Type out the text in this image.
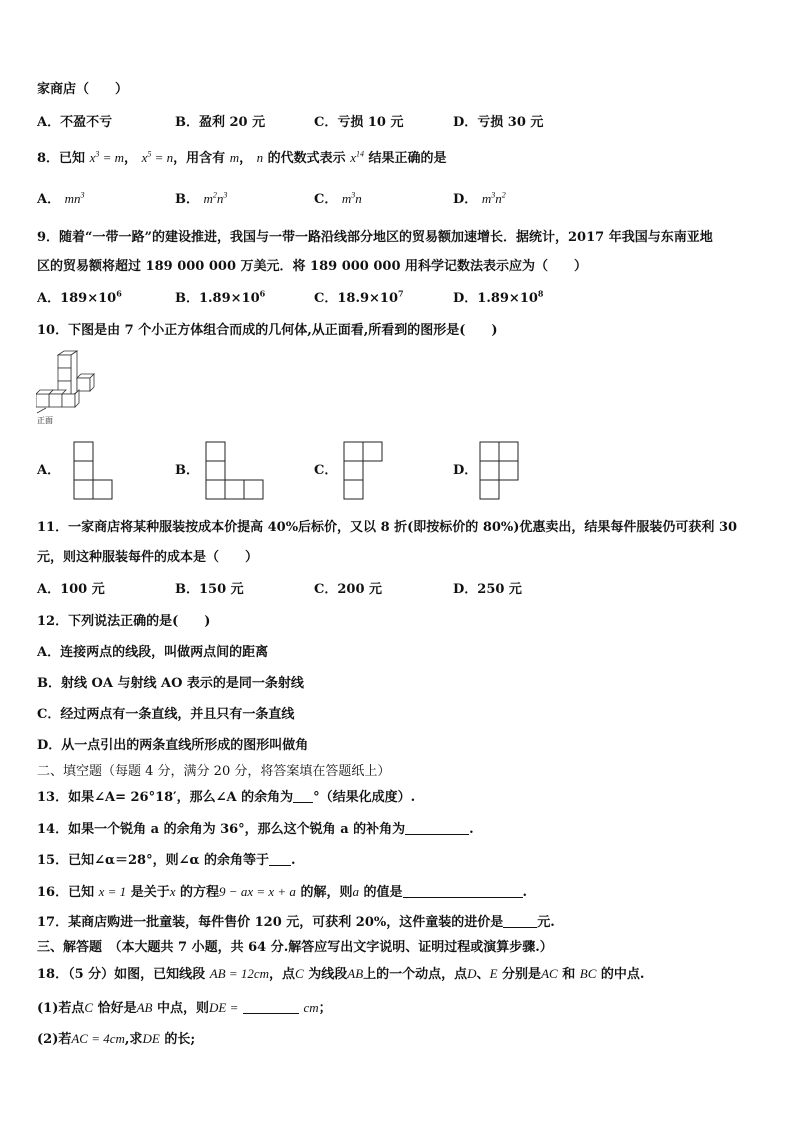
家商店（　　）
A．不盈不亏	B．盈利 20 元	C．亏损 10 元	D．亏损 30 元
8．已知 $x^3 = m$， $x^5 = n$，用含有 m， n 的代数式表示 $x^{14}$ 结果正确的是
A． $mn^3$	B． $m^2n^3$	C． $m^3n$	D． $m^3n^2$
9．随着“一带一路”的建设推进，我国与一带一路沿线部分地区的贸易额加速增长．据统计，2017 年我国与东南亚地
区的贸易额将超过 189 000 000 万美元．将 189 000 000 用科学记数法表示应为（　　）
A．$189\times 10^6$	B．$1.89\times 10^6$	C．$18.9\times 10^7$	D．$1.89\times 10^8$
10．下图是由 7 个小正方体组合而成的几何体,从正面看,所看到的图形是(　　)
正面
A．	B．	C．	D．
11．一家商店将某种服装按成本价提高 40%后标价，又以 8 折(即按标价的 80%)优惠卖出，结果每件服装仍可获利 30
元，则这种服装每件的成本是（　　）
A．100 元	B．150 元	C．200 元	D．250 元
12．下列说法正确的是(　　)
A．连接两点的线段，叫做两点间的距离
B．射线 OA 与射线 AO 表示的是同一条射线
C．经过两点有一条直线，并且只有一条直线
D．从一点引出的两条直线所形成的图形叫做角
二、填空题（每题 4 分，满分 20 分，将答案填在答题纸上）
13．如果∠A= 26°18′，那么∠A 的余角为 °（结果化成度）.
14．如果一个锐角 a 的余角为 36°，那么这个锐角 a 的补角为	.
15．已知∠α＝28°，则∠α 的余角等于 .
16．已知 x = 1 是关于x 的方程9 − ax = x + a 的解，则a 的值是	.
17．某商店购进一批童装，每件售价 120 元，可获利 20%，这件童装的进价是	元.
三、解答题　（本大题共 7 小题，共 64 分.解答应写出文字说明、证明过程或演算步骤.）
18．（5 分）如图，已知线段 AB = 12cm，点C 为线段AB上的一个动点，点D、E 分别是AC 和 BC 的中点.
(1)若点C 恰好是AB 中点，则DE =	cm；
(2)若AC = 4cm,求DE 的长;
